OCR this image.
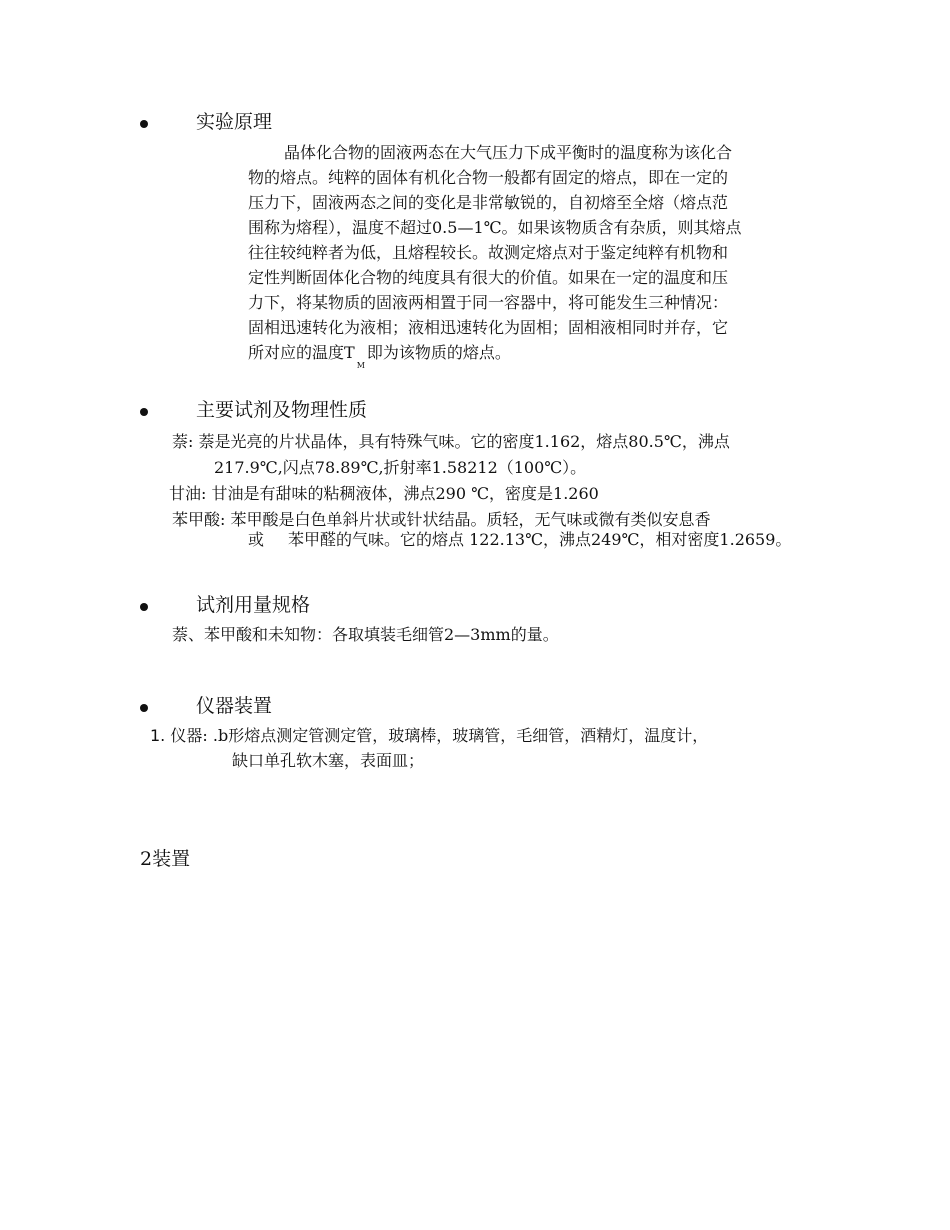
实验原理
晶体化合物的固液两态在大气压力下成平衡时的温度称为该化合
物的熔点。纯粹的固体有机化合物一般都有固定的熔点，即在一定的
压力下，固液两态之间的变化是非常敏锐的，自初熔至全熔（熔点范
围称为熔程），温度不超过0.5—1℃。如果该物质含有杂质，则其熔点
往往较纯粹者为低，且熔程较长。故测定熔点对于鉴定纯粹有机物和
定性判断固体化合物的纯度具有很大的价值。如果在一定的温度和压
力下，将某物质的固液两相置于同一容器中，将可能发生三种情况：
固相迅速转化为液相；液相迅速转化为固相；固相液相同时并存，它
所对应的温度$T_M$即为该物质的熔点。
主要试剂及物理性质
萘: 萘是光亮的片状晶体，具有特殊气味。它的密度1.162，熔点80.5℃，沸点
217.9℃,闪点78.89℃,折射率1.58212（100℃）。
甘油: 甘油是有甜味的粘稠液体，沸点290 ℃，密度是1.260
苯甲酸: 苯甲酸是白色单斜片状或针状结晶。质轻，无气味或微有类似安息香
或 苯甲醛的气味。它的熔点 122.13℃，沸点249℃，相对密度1.2659。
试剂用量规格
萘、苯甲酸和未知物：各取填装毛细管2—3mm的量。
仪器装置
1. 仪器: .b形熔点测定管测定管，玻璃棒，玻璃管，毛细管，酒精灯，温度计，
缺口单孔软木塞，表面皿；
2装置
